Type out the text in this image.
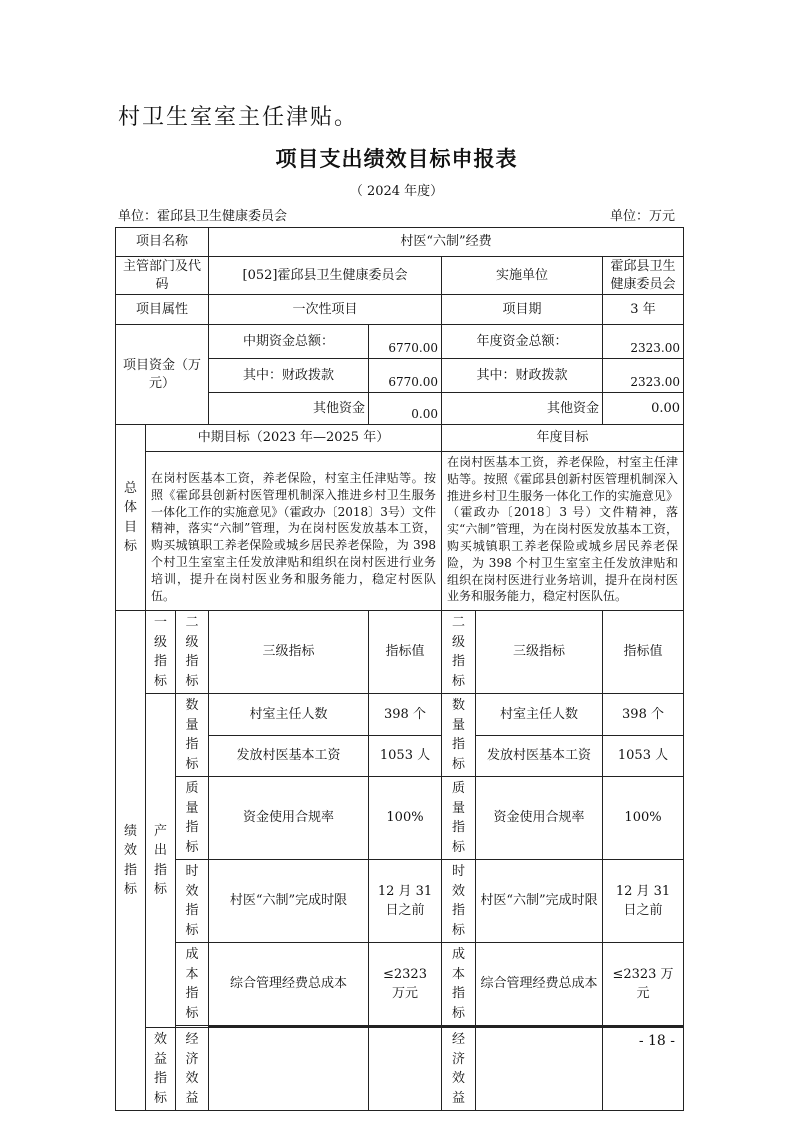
村卫生室室主任津贴。
项目支出绩效目标申报表
（ 2024 年度）
单位：霍邱县卫生健康委员会	单位：万元
项目名称			村医“六制”经费				
主管部门及代码			[052]霍邱县卫生健康委员会		实施单位		霍邱县卫生健康委员会
项目属性			一次性项目		项目期		3 年
项目资金（万元）			中期资金总额：	6770.00	年度资金总额：		2323.00
			其中：财政拨款	6770.00	其中：财政拨款		2323.00
			其他资金	0.00	其他资金		0.00
总体目标	中期目标（2023 年—2025 年）				年度目标		
	在岗村医基本工资，养老保险，村室主任津贴等。按照《霍邱县创新村医管理机制深入推进乡村卫生服务一体化工作的实施意见》（霍政办〔2018〕3号）文件精神，落实“六制”管理，为在岗村医发放基本工资，购买城镇职工养老保险或城乡居民养老保险，为 398 个村卫生室室主任发放津贴和组织在岗村医进行业务培训，提升在岗村医业务和服务能力，稳定村医队伍。				在岗村医基本工资，养老保险，村室主任津贴等。按照《霍邱县创新村医管理机制深入推进乡村卫生服务一体化工作的实施意见》（霍政办〔2018〕3 号）文件精神，落实“六制”管理，为在岗村医发放基本工资，购买城镇职工养老保险或城乡居民养老保险，为 398 个村卫生室室主任发放津贴和组织在岗村医进行业务培训，提升在岗村医业务和服务能力，稳定村医队伍。		
绩效指标	一级指标	二级指标	三级指标	指标值	二级指标	三级指标	指标值
	产出指标	数量指标	村室主任人数	398 个	数量指标	村室主任人数	398 个
			发放村医基本工资	1053 人		发放村医基本工资	1053 人
		质量指标	资金使用合规率	100%	质量指标	资金使用合规率	100%
		时效指标	村医“六制”完成时限	12 月 31 日之前	时效指标	村医“六制”完成时限	12 月 31 日之前
		成本指标	综合管理经费总成本	≤2323 万元	成本指标	综合管理经费总成本	≤2323 万元

	效益指标	经济效益			经济效益		
- 18 -
